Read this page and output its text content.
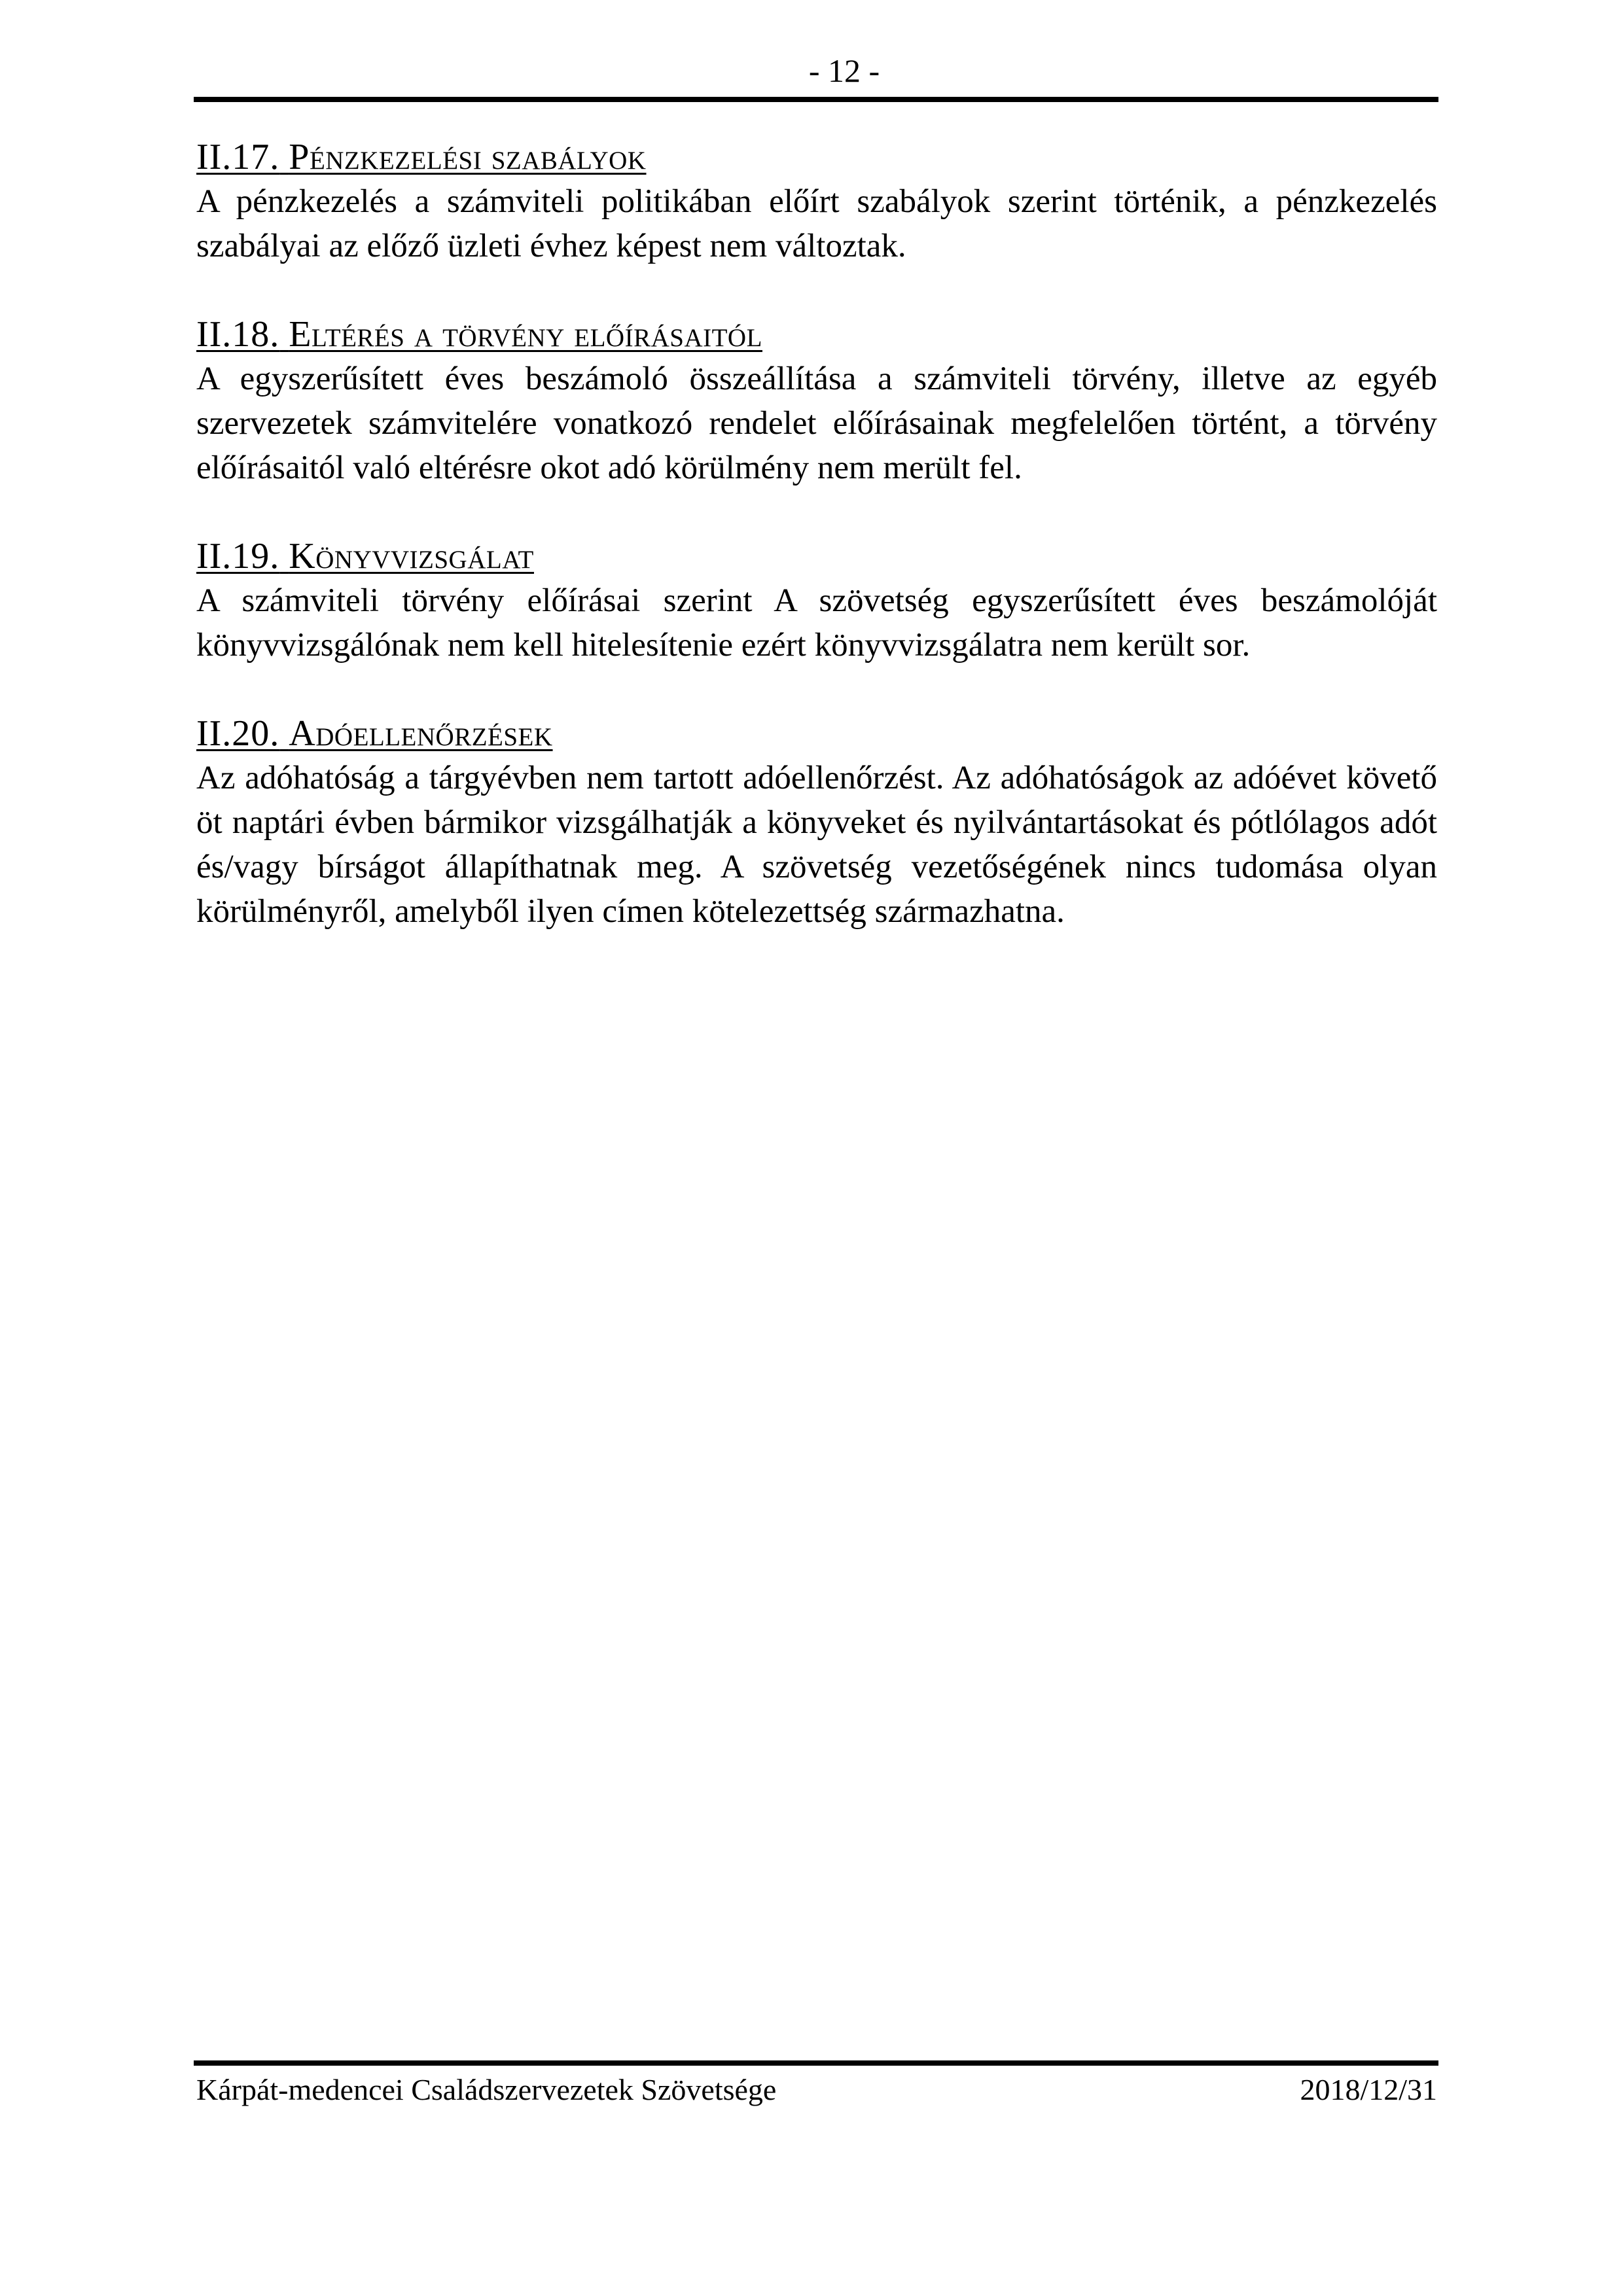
- 12 -
II.17. Pénzkezelési szabályok

A pénzkezelés a számviteli politikában előírt szabályok szerint történik, a pénzkezelés szabályai az előző üzleti évhez képest nem változtak.

II.18. Eltérés a törvény előírásaitól

A egyszerűsített éves beszámoló összeállítása a számviteli törvény, illetve az egyéb szervezetek számvitelére vonatkozó rendelet előírásainak megfelelően történt, a törvény előírásaitól való eltérésre okot adó körülmény nem merült fel.

II.19. Könyvvizsgálat

A számviteli törvény előírásai szerint A szövetség egyszerűsített éves beszámolóját könyvvizsgálónak nem kell hitelesítenie ezért könyvvizsgálatra nem került sor.

II.20. Adóellenőrzések

Az adóhatóság a tárgyévben nem tartott adóellenőrzést. Az adóhatóságok az adóévet követő öt naptári évben bármikor vizsgálhatják a könyveket és nyilvántartásokat és pótlólagos adót és/vagy bírságot állapíthatnak meg. A szövetség vezetőségének nincs tudomása olyan körülményről, amelyből ilyen címen kötelezettség származhatna.

Kárpát-medencei Családszervezetek Szövetsége	2018/12/31
